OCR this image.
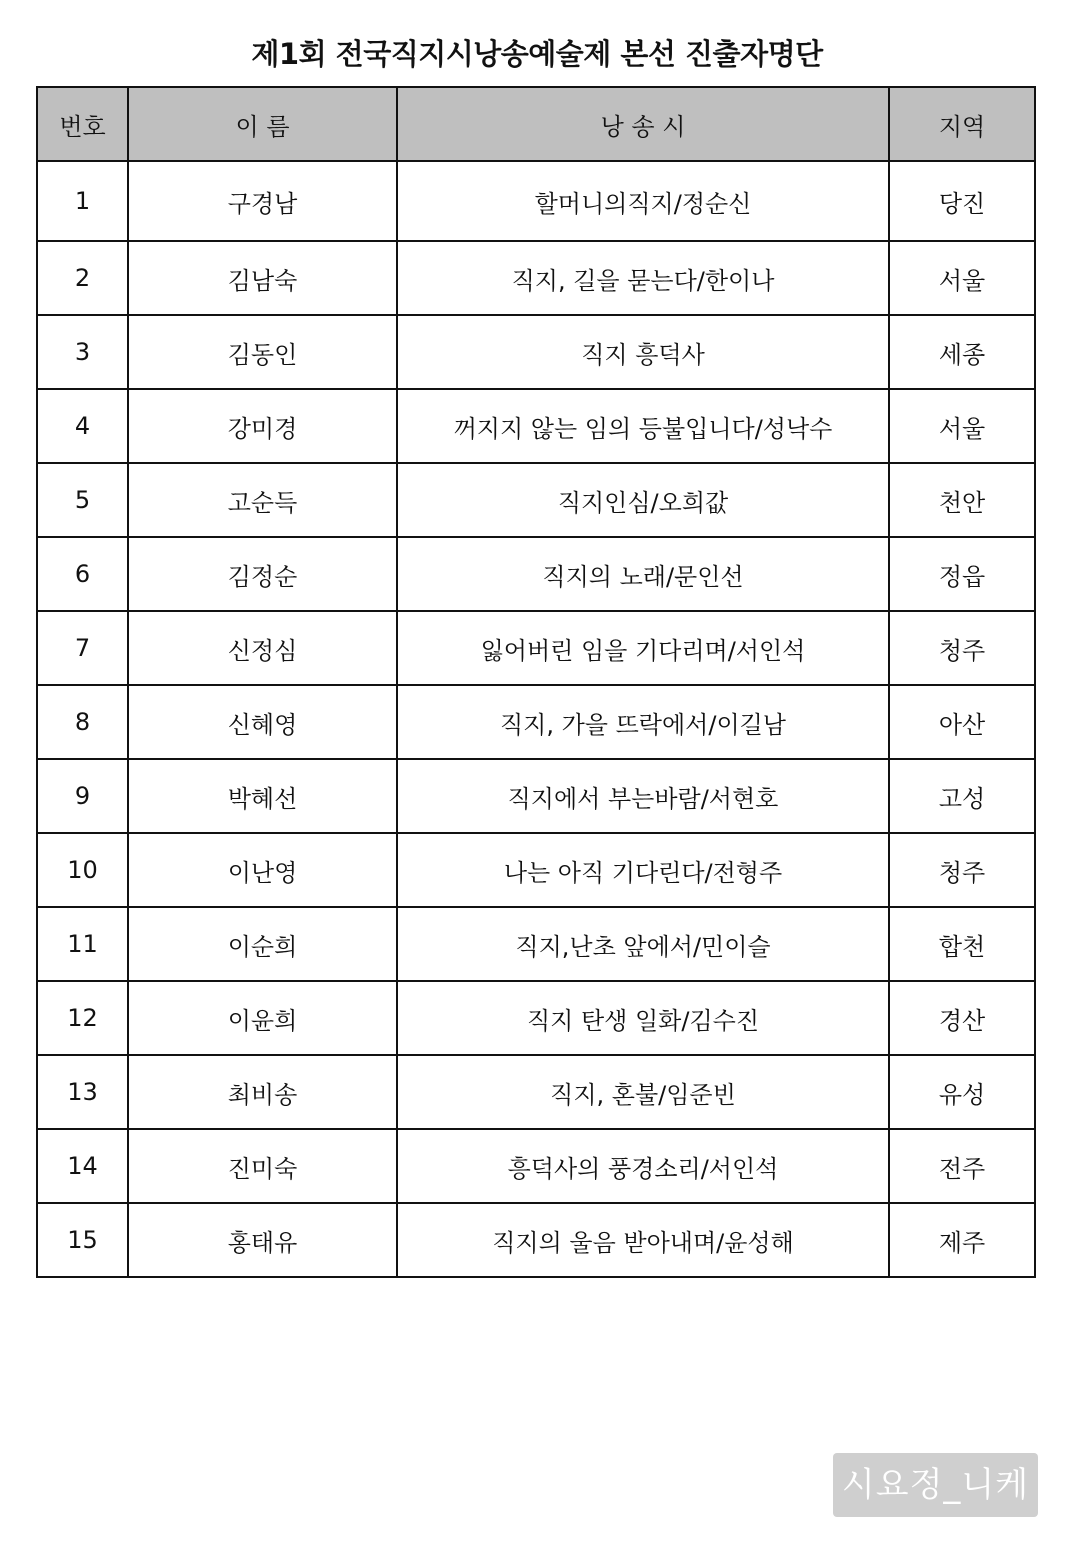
제1회 전국직지시낭송예술제 본선 진출자명단
번호	이 름	낭 송 시	지역
1	구경남	할머니의직지/정순신	당진
2	김남숙	직지, 길을 묻는다/한이나	서울
3	김동인	직지 흥덕사	세종
4	강미경	꺼지지 않는 임의 등불입니다/성낙수	서울
5	고순득	직지인심/오희값	천안
6	김정순	직지의 노래/문인선	정읍
7	신정심	잃어버린 임을 기다리며/서인석	청주
8	신혜영	직지, 가을 뜨락에서/이길남	아산
9	박혜선	직지에서 부는바람/서현호	고성
10	이난영	나는 아직 기다린다/전형주	청주
11	이순희	직지,난초 앞에서/민이슬	합천
12	이윤희	직지 탄생 일화/김수진	경산
13	최비송	직지, 혼불/임준빈	유성
14	진미숙	흥덕사의 풍경소리/서인석	전주
15	홍태유	직지의 울음 받아내며/윤성해	제주
시요정_니케
